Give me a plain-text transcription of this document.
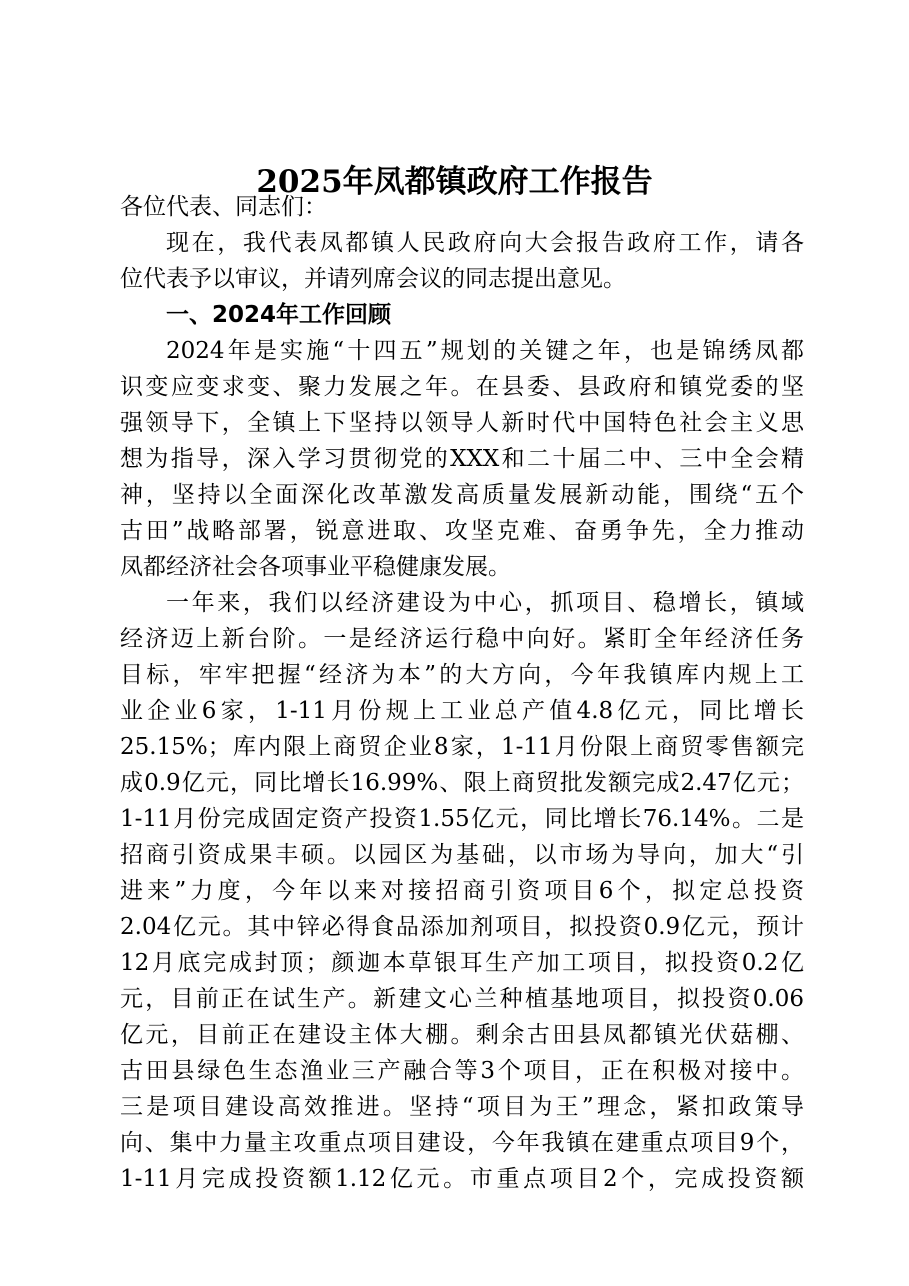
2025年凤都镇政府工作报告
各位代表、同志们：
现在，我代表凤都镇人民政府向大会报告政府工作，请各
位代表予以审议，并请列席会议的同志提出意见。
一、2024年工作回顾
2024年是实施“十四五”规划的关键之年，也是锦绣凤都
识变应变求变、聚力发展之年。在县委、县政府和镇党委的坚
强领导下，全镇上下坚持以领导人新时代中国特色社会主义思
想为指导，深入学习贯彻党的XXX和二十届二中、三中全会精
神，坚持以全面深化改革激发高质量发展新动能，围绕“五个
古田”战略部署，锐意进取、攻坚克难、奋勇争先，全力推动
凤都经济社会各项事业平稳健康发展。
一年来，我们以经济建设为中心，抓项目、稳增长，镇域
经济迈上新台阶。一是经济运行稳中向好。紧盯全年经济任务
目标，牢牢把握“经济为本”的大方向，今年我镇库内规上工
业企业6家，1-11月份规上工业总产值4.8亿元，同比增长
25.15%；库内限上商贸企业8家，1-11月份限上商贸零售额完
成0.9亿元，同比增长16.99%、限上商贸批发额完成2.47亿元；
1-11月份完成固定资产投资1.55亿元，同比增长76.14%。二是
招商引资成果丰硕。以园区为基础，以市场为导向，加大“引
进来”力度，今年以来对接招商引资项目6个，拟定总投资
2.04亿元。其中锌必得食品添加剂项目，拟投资0.9亿元，预计
12月底完成封顶；颜迦本草银耳生产加工项目，拟投资0.2亿
元，目前正在试生产。新建文心兰种植基地项目，拟投资0.06
亿元，目前正在建设主体大棚。剩余古田县凤都镇光伏菇棚、
古田县绿色生态渔业三产融合等3个项目，正在积极对接中。
三是项目建设高效推进。坚持“项目为王”理念，紧扣政策导
向、集中力量主攻重点项目建设，今年我镇在建重点项目9个，
1-11月完成投资额1.12亿元。市重点项目2个，完成投资额
